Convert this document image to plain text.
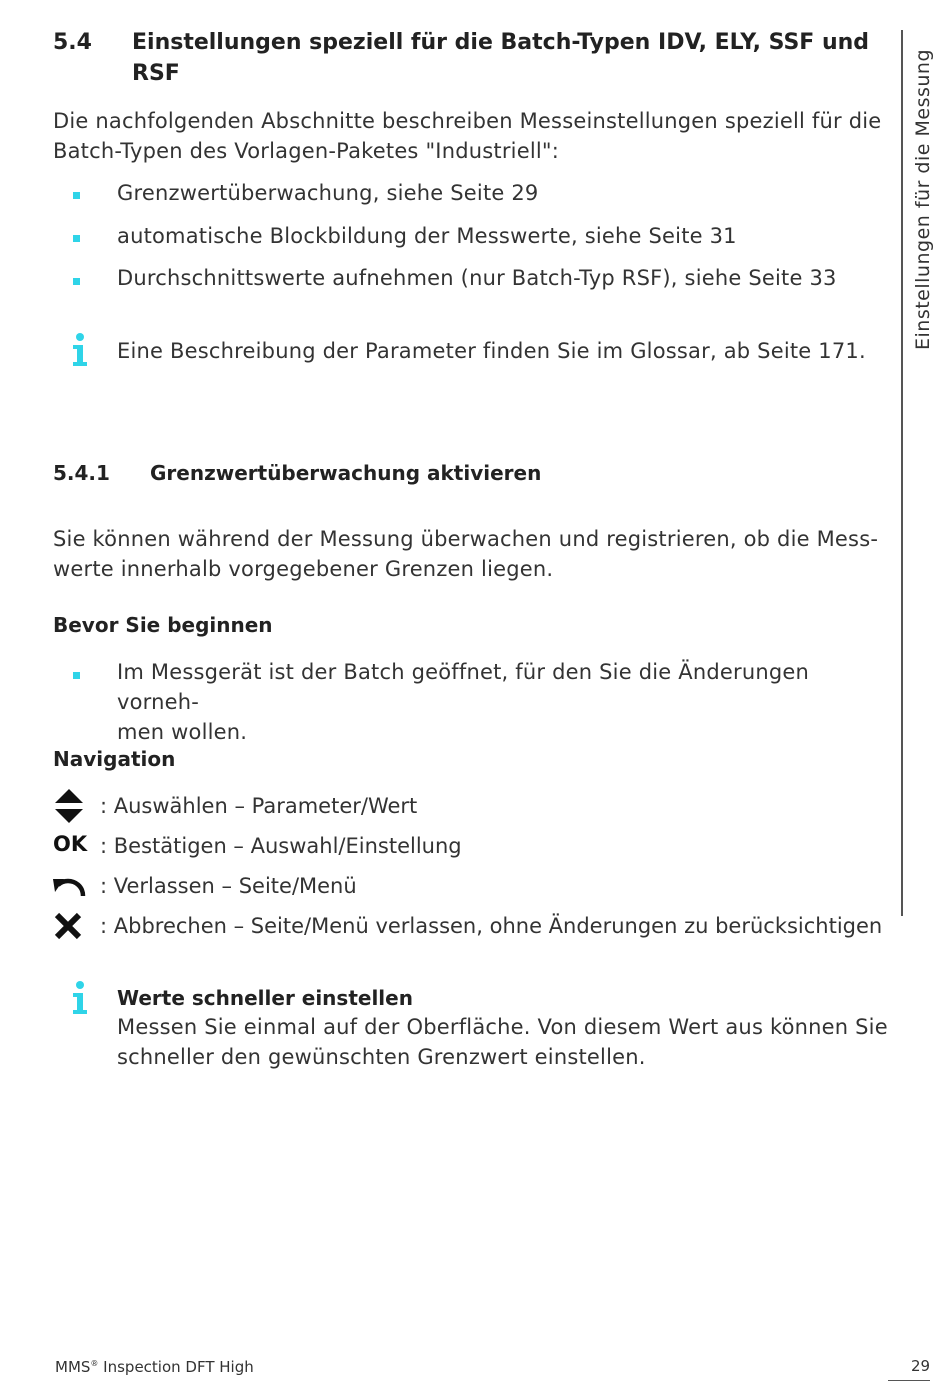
5.4 Einstellungen speziell für die Batch-Typen IDV, ELY, SSF und
RSF
Die nachfolgenden Abschnitte beschreiben Messeinstellungen speziell für die
Batch-Typen des Vorlagen-Paketes "Industriell":
Grenzwertüberwachung, siehe Seite 29
automatische Blockbildung der Messwerte, siehe Seite 31
Durchschnittswerte aufnehmen (nur Batch-Typ RSF), siehe Seite 33
Eine Beschreibung der Parameter finden Sie im Glossar, ab Seite 171.
5.4.1 Grenzwertüberwachung aktivieren
Sie können während der Messung überwachen und registrieren, ob die Mess-
werte innerhalb vorgegebener Grenzen liegen.
Bevor Sie beginnen
Im Messgerät ist der Batch geöffnet, für den Sie die Änderungen vorneh-
men wollen.
Navigation
: Auswählen – Parameter/Wert
OK : Bestätigen – Auswahl/Einstellung
: Verlassen – Seite/Menü
: Abbrechen – Seite/Menü verlassen, ohne Änderungen zu berücksichtigen
Werte schneller einstellen
Messen Sie einmal auf der Oberfläche. Von diesem Wert aus können Sie
schneller den gewünschten Grenzwert einstellen.
Einstellungen für die Messung
MMS® Inspection DFT High	29
